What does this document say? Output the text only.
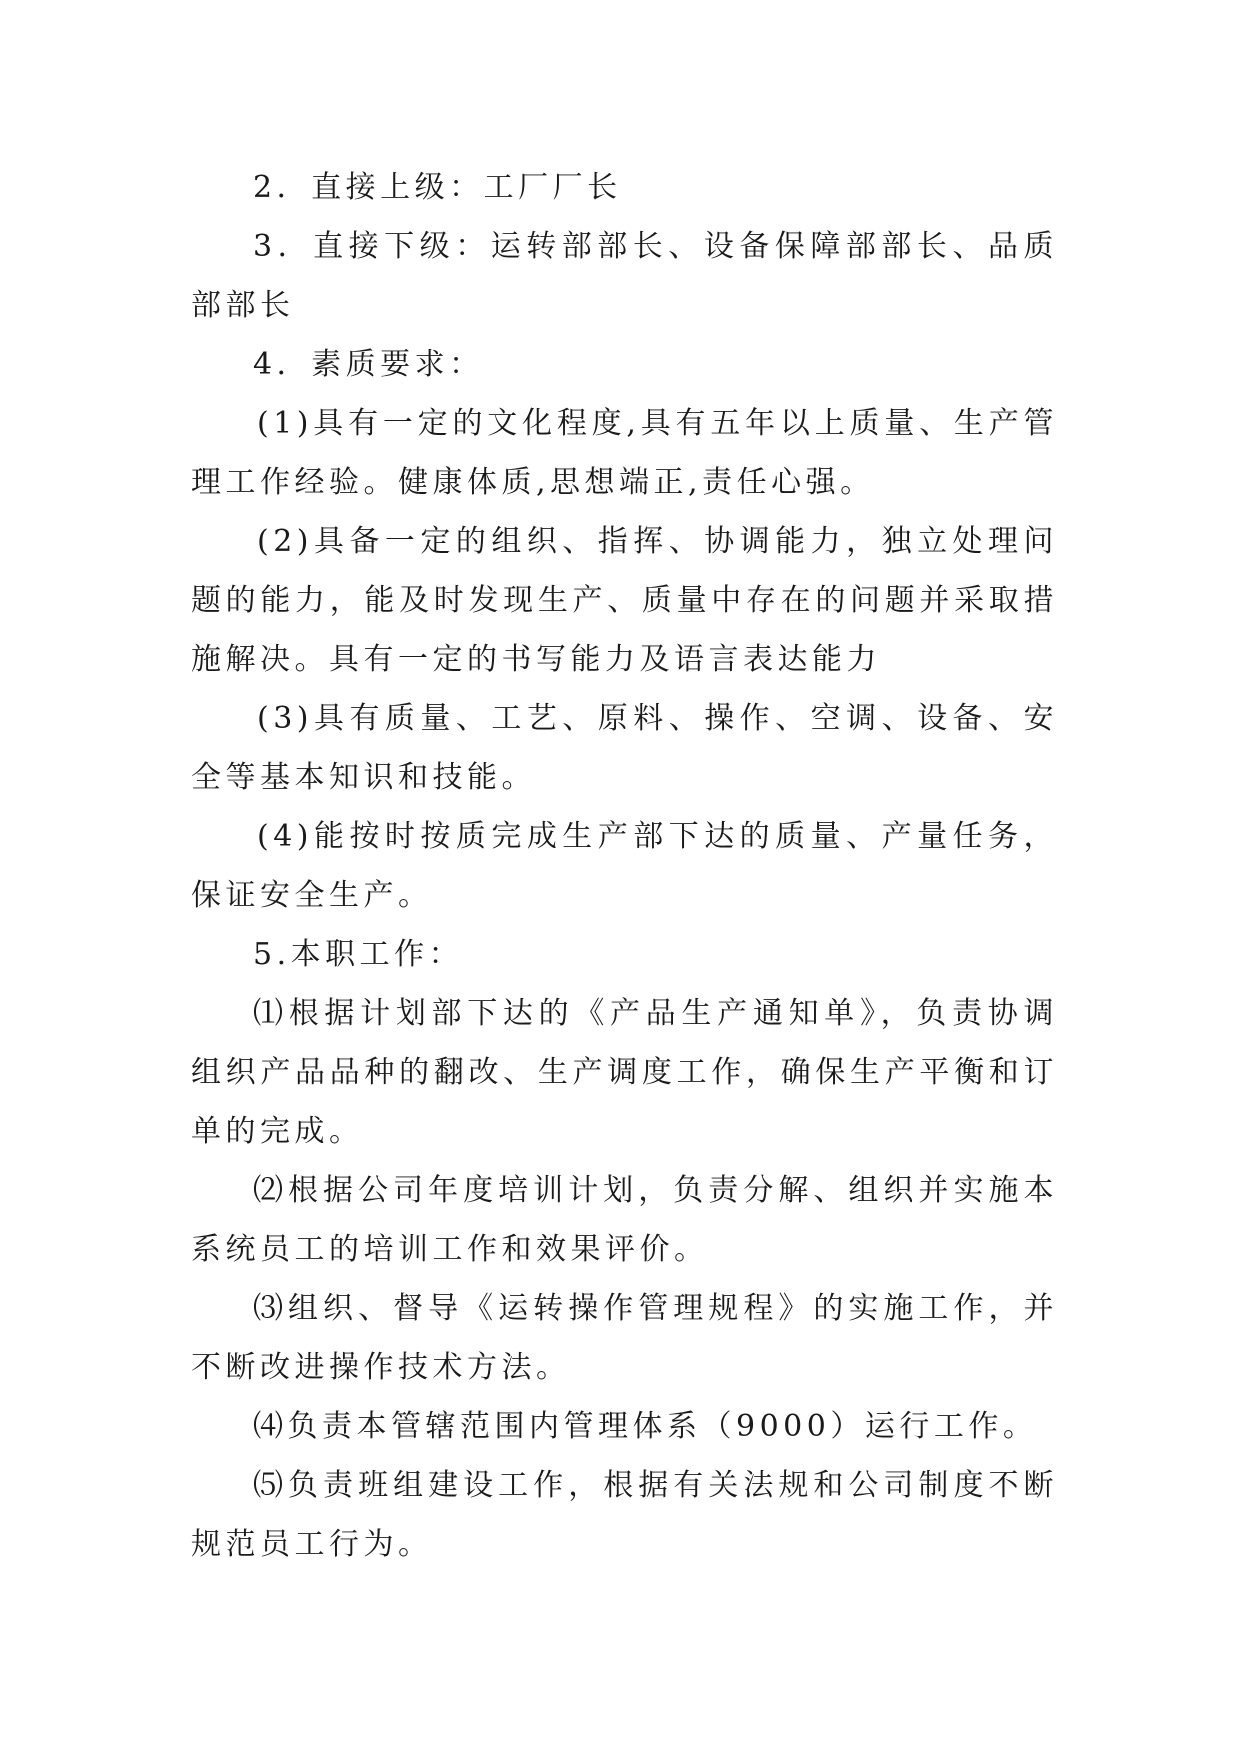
2．直接上级：工厂厂长

3．直接下级：运转部部长、设备保障部部长、品质部部长

4．素质要求：

(1)具有一定的文化程度,具有五年以上质量、生产管理工作经验。健康体质,思想端正,责任心强。

(2)具备一定的组织、指挥、协调能力，独立处理问题的能力，能及时发现生产、质量中存在的问题并采取措施解决。具有一定的书写能力及语言表达能力

(3)具有质量、工艺、原料、操作、空调、设备、安全等基本知识和技能。

(4)能按时按质完成生产部下达的质量、产量任务，保证安全生产。

5.本职工作：

⑴根据计划部下达的《产品生产通知单》，负责协调组织产品品种的翻改、生产调度工作，确保生产平衡和订单的完成。

⑵根据公司年度培训计划，负责分解、组织并实施本系统员工的培训工作和效果评价。

⑶组织、督导《运转操作管理规程》的实施工作，并不断改进操作技术方法。

⑷负责本管辖范围内管理体系（9000）运行工作。

⑸负责班组建设工作，根据有关法规和公司制度不断规范员工行为。
